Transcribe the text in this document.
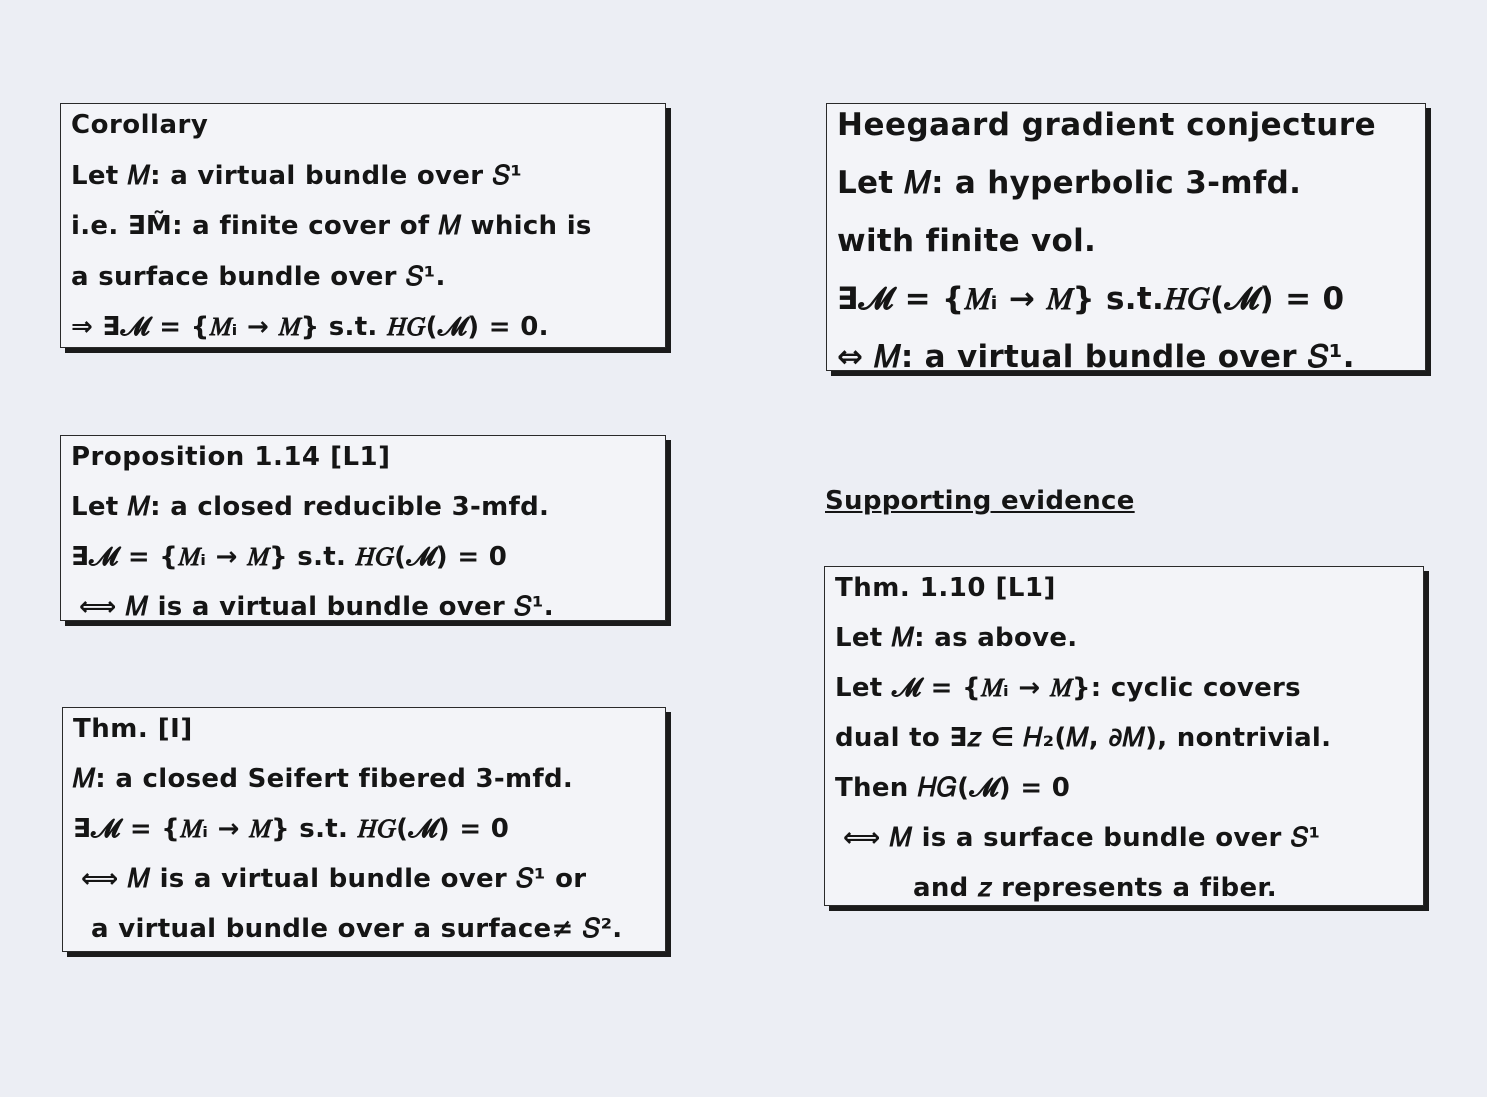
Corollary
Let 𝑀: a virtual bundle over 𝑆¹
i.e. ∃M̃: a finite cover of 𝑀 which is
a surface bundle over 𝑆¹.
⇒ ∃𝓜 = {𝑀ᵢ → 𝑀} s.t. 𝐻𝐺(𝓜) = 0.
Proposition 1.14 [L1]
Let 𝑀: a closed reducible 3-mfd.
∃𝓜 = {𝑀ᵢ → 𝑀} s.t. 𝐻𝐺(𝓜) = 0
⟺ 𝑀 is a virtual bundle over 𝑆¹.
Thm. [I]
𝑀: a closed Seifert fibered 3-mfd.
∃𝓜 = {𝑀ᵢ → 𝑀} s.t. 𝐻𝐺(𝓜) = 0
⟺ 𝑀 is a virtual bundle over 𝑆¹ or
a virtual bundle over a surface≠ 𝑆².
Heegaard gradient conjecture
Let 𝑀: a hyperbolic 3-mfd.
with finite vol.
∃𝓜 = {𝑀ᵢ → 𝑀} s.t.𝐻𝐺(𝓜) = 0
⇔ 𝑀: a virtual bundle over 𝑆¹.
Supporting evidence
Thm. 1.10 [L1]
Let 𝑀: as above.
Let 𝓜 = {𝑀ᵢ → 𝑀}: cyclic covers
dual to ∃𝑧 ∈ 𝐻₂(𝑀, ∂𝑀), nontrivial.
Then 𝐻𝐺(𝓜) = 0
⟺ 𝑀 is a surface bundle over 𝑆¹
and 𝑧 represents a fiber.
